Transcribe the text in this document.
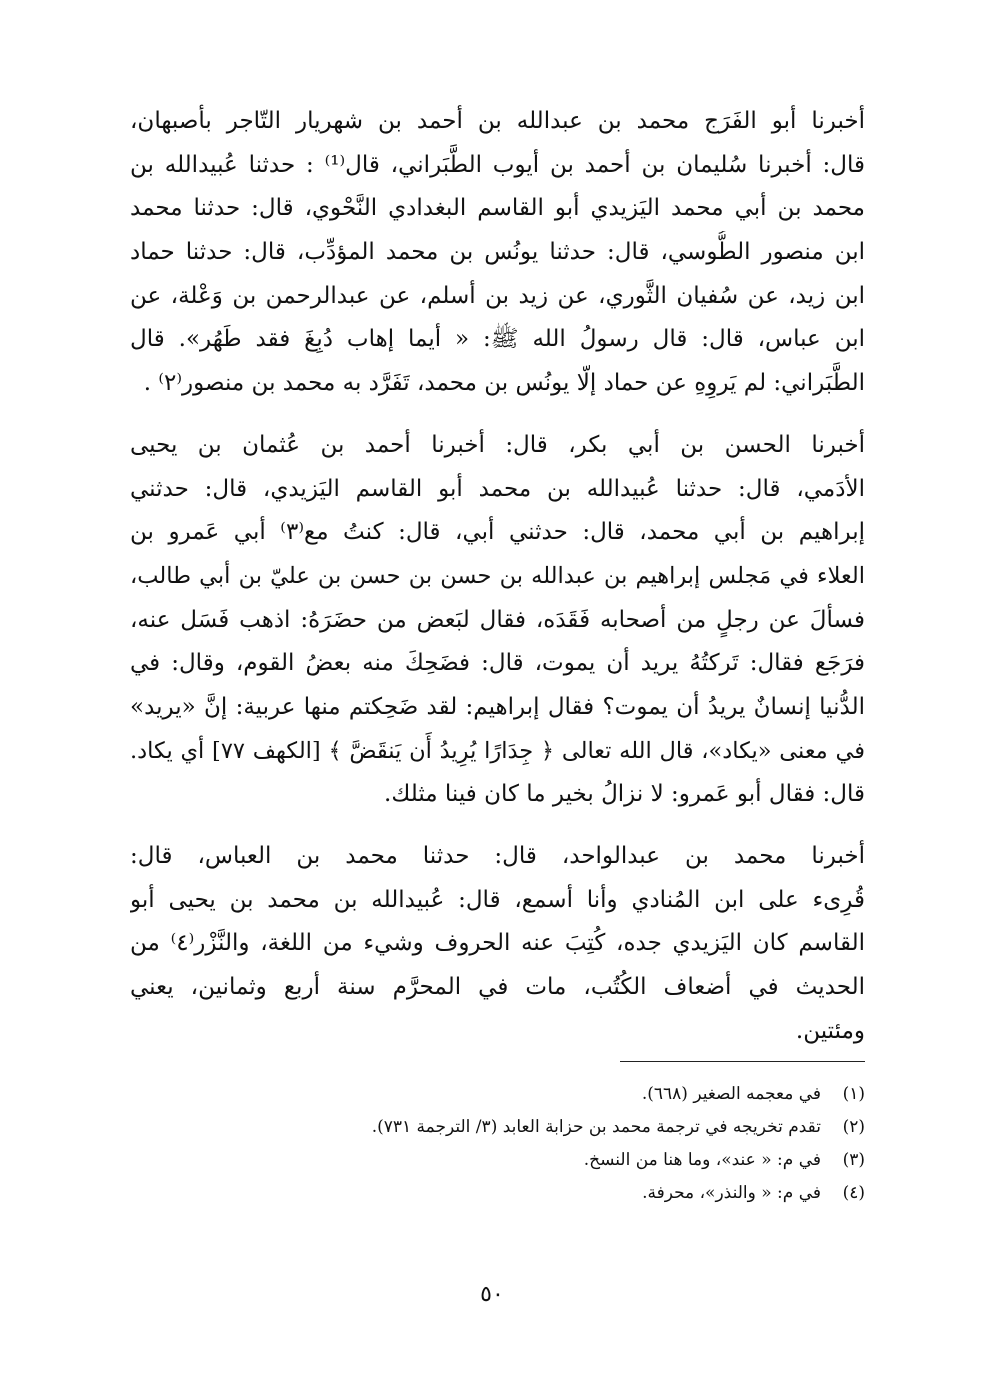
أخبرنا أبو الفَرَج محمد بن عبدالله بن أحمد بن شهريار التّاجر بأصبهان،
قال: أخبرنا سُليمان بن أحمد بن أيوب الطَّبَراني، قال⁽¹⁾ : حدثنا عُبيدالله بن
محمد بن أبي محمد اليَزيدي أبو القاسم البغدادي النَّحْوي، قال: حدثنا محمد
ابن منصور الطُّوسي، قال: حدثنا يونُس بن محمد المؤدِّب، قال: حدثنا حماد
ابن زيد، عن سُفيان الثَّوري، عن زيد بن أسلم، عن عبدالرحمن بن وَعْلة، عن
ابن عباس، قال: قال رسولُ الله ﷺ: « أيما إهاب دُبِغَ فقد طَهُر». قال
الطَّبَراني: لم يَروِهِ عن حماد إلّا يونُس بن محمد، تَفَرَّد به محمد بن منصور⁽٢⁾ .
أخبرنا الحسن بن أبي بكر، قال: أخبرنا أحمد بن عُثمان بن يحيى
الأدَمي، قال: حدثنا عُبيدالله بن محمد أبو القاسم اليَزيدي، قال: حدثني
إبراهيم بن أبي محمد، قال: حدثني أبي، قال: كنتُ مع⁽٣⁾ أبي عَمرو بن
العلاء في مَجلس إبراهيم بن عبدالله بن حسن بن حسن بن عليّ بن أبي طالب،
فسألَ عن رجلٍ من أصحابه فَقَدَه، فقال لبَعض من حضَرَهُ: اذهب فَسَل عنه،
فرَجَع فقال: تَركتُهُ يريد أن يموت، قال: فضَحِكَ منه بعضُ القوم، وقال: في
الدُّنيا إنسانٌ يريدُ أن يموت؟ فقال إبراهيم: لقد ضَحِكتم منها عربية: إنَّ «يريد»
في معنى «يكاد»، قال الله تعالى ﴿ جِدَارًا يُرِيدُ أَن يَنقَضَّ ﴾ [الكهف ٧٧] أي يكاد.
قال: فقال أبو عَمرو: لا نزالُ بخير ما كان فينا مثلك.
أخبرنا محمد بن عبدالواحد، قال: حدثنا محمد بن العباس، قال:
قُرِىء على ابن المُنادي وأنا أسمع، قال: عُبيدالله بن محمد بن يحيى أبو
القاسم كان اليَزيدي جده، كُتِبَ عنه الحروف وشيء من اللغة، والنَّزْر⁽٤⁾ من
الحديث في أضعاف الكُتُب، مات في المحرَّم سنة أربع وثمانين، يعني
ومئتين.
(١)في معجمه الصغير (٦٦٨).
(٢)تقدم تخريجه في ترجمة محمد بن حزابة العابد (٣/ الترجمة ٧٣١).
(٣)في م: « عند»، وما هنا من النسخ.
(٤)في م: « والنذر»، محرفة.
٥٠
